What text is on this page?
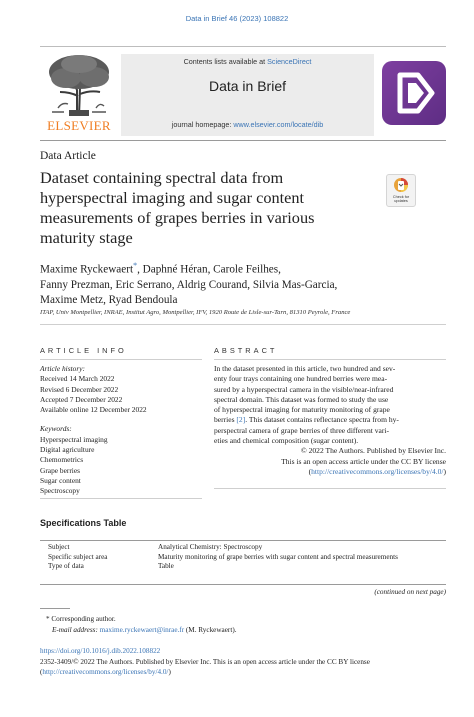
Data in Brief 46 (2023) 108822
ELSEVIER
Contents lists available at ScienceDirect
Data in Brief
journal homepage: www.elsevier.com/locate/dib
Data Article
Dataset containing spectral data from hyperspectral imaging and sugar content measurements of grapes berries in various maturity stage
Check for updates
Maxime Ryckewaert*, Daphné Héran, Carole Feilhes,
Fanny Prezman, Eric Serrano, Aldrig Courand, Silvia Mas-Garcia,
Maxime Metz, Ryad Bendoula
ITAP, Univ Montpellier, INRAE, Institut Agro, Montpellier, IFV, 1920 Route de Lisle-sur-Tarn, 81310 Peyrole, France
ARTICLE INFO	ABSTRACT
Article history:
Received 14 March 2022
Revised 6 December 2022
Accepted 7 December 2022
Available online 12 December 2022
Keywords:
Hyperspectral imaging
Digital agriculture
Chemometrics
Grape berries
Sugar content
Spectroscopy
In the dataset presented in this article, two hundred and sev-
enty four trays containing one hundred berries were mea-
sured by a hyperspectral camera in the visible/near-infrared
spectral domain. This dataset was formed to study the use
of hyperspectral imaging for maturity monitoring of grape
berries [2]. This dataset contains reflectance spectra from hy-
perspectral camera of grape berries of three different vari-
eties and chemical composition (sugar content).
© 2022 The Authors. Published by Elsevier Inc.
This is an open access article under the CC BY license
(http://creativecommons.org/licenses/by/4.0/)
Specifications Table
Subject	Analytical Chemistry: Spectroscopy
Specific subject area	Maturity monitoring of grape berries with sugar content and spectral measurements
Type of data	Table
(continued on next page)
* Corresponding author.
E-mail address: maxime.ryckewaert@inrae.fr (M. Ryckewaert).
https://doi.org/10.1016/j.dib.2022.108822
2352-3409/© 2022 The Authors. Published by Elsevier Inc. This is an open access article under the CC BY license
(http://creativecommons.org/licenses/by/4.0/)
